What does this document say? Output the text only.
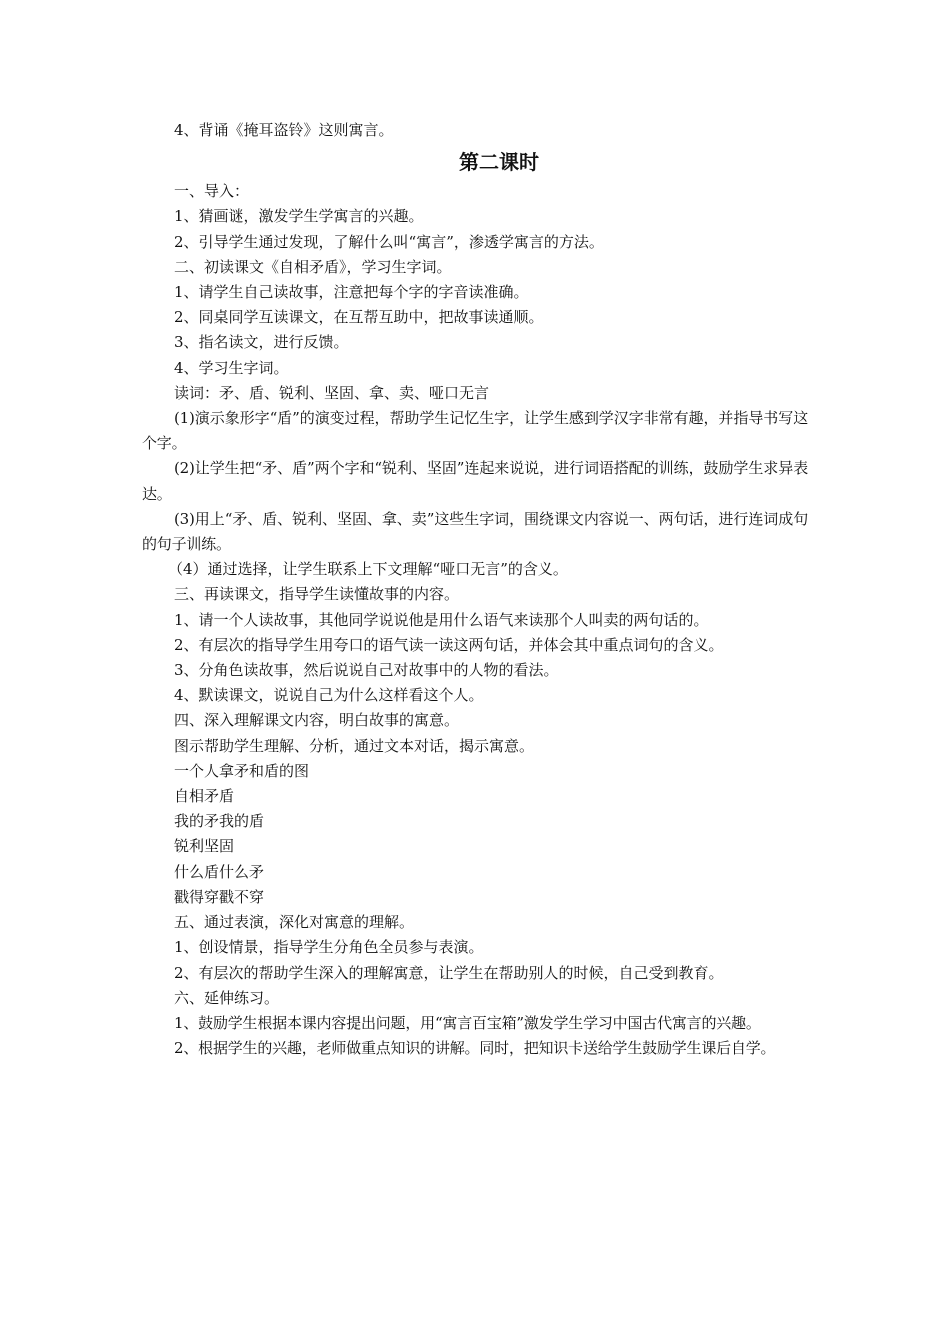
4、背诵《掩耳盗铃》这则寓言。

第二课时

一、导入：

1、猜画谜，激发学生学寓言的兴趣。

2、引导学生通过发现，了解什么叫“寓言”，渗透学寓言的方法。

二、初读课文《自相矛盾》，学习生字词。

1、请学生自己读故事，注意把每个字的字音读准确。

2、同桌同学互读课文，在互帮互助中，把故事读通顺。

3、指名读文，进行反馈。

4、学习生字词。

读词：矛、盾、锐利、坚固、拿、卖、哑口无言

(1)演示象形字“盾”的演变过程，帮助学生记忆生字，让学生感到学汉字非常有趣，并指导书写这个字。

(2)让学生把“矛、盾”两个字和“锐利、坚固”连起来说说，进行词语搭配的训练，鼓励学生求异表达。

(3)用上“矛、盾、锐利、坚固、拿、卖”这些生字词，围绕课文内容说一、两句话，进行连词成句的句子训练。

（4）通过选择，让学生联系上下文理解“哑口无言”的含义。

三、再读课文，指导学生读懂故事的内容。

1、请一个人读故事，其他同学说说他是用什么语气来读那个人叫卖的两句话的。

2、有层次的指导学生用夸口的语气读一读这两句话，并体会其中重点词句的含义。

3、分角色读故事，然后说说自己对故事中的人物的看法。

4、默读课文，说说自己为什么这样看这个人。

四、深入理解课文内容，明白故事的寓意。

图示帮助学生理解、分析，通过文本对话，揭示寓意。

一个人拿矛和盾的图

自相矛盾

我的矛我的盾

锐利坚固

什么盾什么矛

戳得穿戳不穿

五、通过表演，深化对寓意的理解。

1、创设情景，指导学生分角色全员参与表演。

2、有层次的帮助学生深入的理解寓意，让学生在帮助别人的时候，自己受到教育。

六、延伸练习。

1、鼓励学生根据本课内容提出问题，用“寓言百宝箱”激发学生学习中国古代寓言的兴趣。

2、根据学生的兴趣，老师做重点知识的讲解。同时，把知识卡送给学生鼓励学生课后自学。
